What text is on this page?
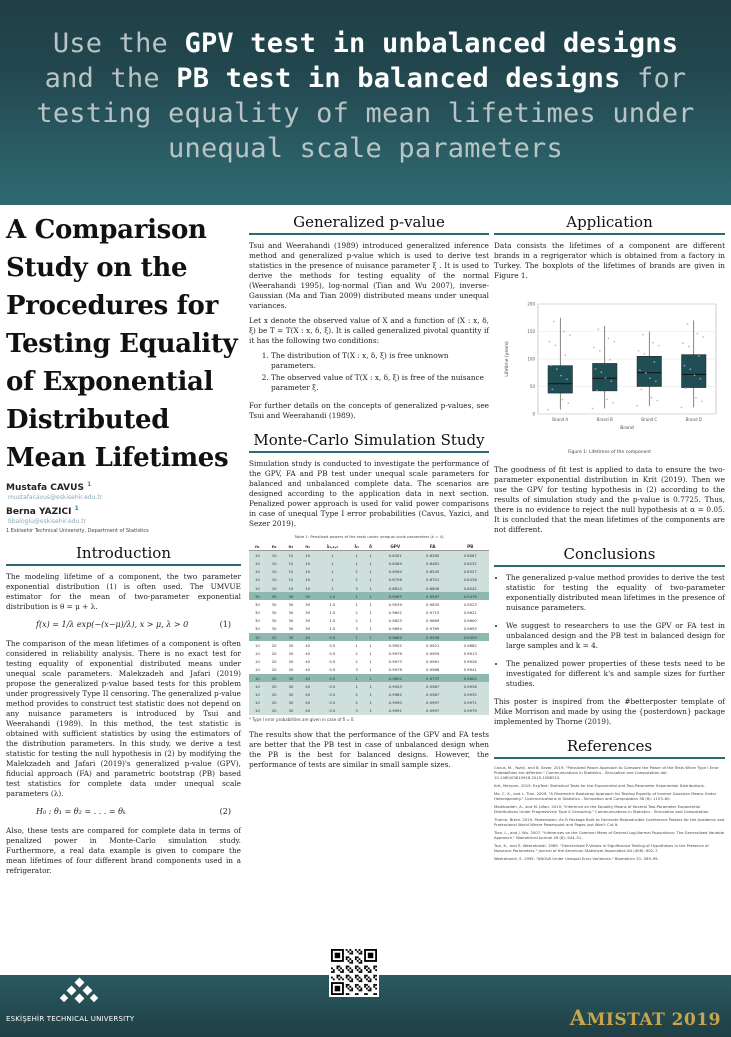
Use the GPV test in unbalanced designs
and the PB test in balanced designs for
testing equality of mean lifetimes under
unequal scale parameters
A Comparison Study on the Procedures for Testing Equality of Exponential Distributed Mean Lifetimes
Mustafa CAVUS $^1$
mustafacavus@eskisehir.edu.tr
Berna YAZICI $^1$
bbaloglu@eskisehir.edu.tr
1 Eskisehir Technical University, Department of Statistics
Introduction

The modeling lifetime of a component, the two parameter exponential distribution (1) is often used. The UMVUE estimator for the mean of two-parameter exponential distribution is θ = μ + λ.

f(x) = 1/λ exp(−(x−μ)/λ), x > μ, λ > 0	(1)

The comparison of the mean lifetimes of a component is often considered in reliability analysis. There is no exact test for testing equality of exponential distributed means under unequal scale parameters. Malekzadeh and Jafari (2019) propose the generalized p-value based tests for this problem under progressively Type II censoring. The generalized p-value method provides to construct test statistic does not depend on any nuisance parameters is introduced by Tsui and Weerahandi (1989). In this method, the test statistic is obtained with sufficient statistics by using the estimators of the distribution parameters. In this study, we derive a test statistic for testing the null hypothesis in (2) by modifying the Malekzadeh and Jafari (2019)'s generalized p-value (GPV), fiducial approach (FA) and parametric bootstrap (PB) based test statistics for complete data under unequal scale parameters (λ).

H₀ : θ₁ = θ₂ = . . . = θₖ	(2)

Also, these tests are compared for complete data in terms of penalized power in Monte-Carlo simulation study. Furthermore, a real data example is given to compare the mean lifetimes of four different brand components used in a refrigerator.

Generalized p-value

Tsui and Weerahandi (1989) introduced generalized inference method and generalized p-value which is used to derive test statistics in the presence of nuisance parameter ξ . It is used to derive the methods for testing equality of the normal (Weerahandi 1995), log-normal (Tian and Wu 2007), inverse-Gaussian (Ma and Tian 2009) distributed means under unequal variances.

Let x denote the observed value of X and a function of (X : x, δ, ξ) be T = T(X : x, δ, ξ). It is called generalized pivotal quantity if it has the following two conditions:

1. The distribution of T(X : x, δ, ξ) is free unknown parameters.
2. The observed value of T(X : x, δ, ξ) is free of the nuisance parameter ξ.

For further details on the concepts of generalized p-values, see Tsui and Weerahandi (1989).

Monte-Carlo Simulation Study

Simulation study is conducted to investigate the performance of the GPV, FA and PB test under unequal scale parameters for balanced and unbalanced complete data. The scenarios are designed according to the application data in next section. Penalized power approach is used for valid power comparisons in case of unequal Type I error probabilities (Cavus, Yazici, and Sezer 2019).

Table 1: Penalized powers of the tests under unequal scale parameters (k = 4)
n₁	n₂	n₃	n₄	λ₁,₂,₃	λ₄	δ	GPV	FA	PB
10	10	10	10	1	1	1	0.6301	0.6280	0.6067
10	10	10	10	1	1	1	0.6489	0.6481	0.6232
10	10	10	10	1	2	1	0.6564	0.6545	0.6327
10	10	10	10	1	2	1	0.6706	0.6701	0.6436
10	10	10	10	1	3	1	0.6810	0.6806	0.6542
30	30	30	30	1.5	1	1	0.9567	0.9597	0.9479
30	30	30	30	1.5	1	1	0.9539	0.9635	0.9523
30	30	30	30	1.5	2	1	0.9602	0.9715	0.9621
30	30	30	30	1.5	2	1	0.9625	0.9669	0.9600
30	30	30	30	1.5	3	1	0.9694	0.9769	0.9655
10	20	30	40	0.5	1	1	0.9664	0.9558	0.9459
10	20	30	40	0.5	1	1	0.9902	0.9921	0.9882
10	20	30	40	0.5	2	1	0.9976	0.9959	0.9913
10	20	30	40	0.5	2	1	0.9973	0.9981	0.9926
10	20	30	40	0.5	3	1	0.9978	0.9988	0.9941
10	20	30	40	0.5	1	1	0.9802	0.9737	0.9602
10	20	30	40	0.5	1	1	0.9943	0.9987	0.9936
10	20	30	40	0.5	2	1	0.9982	0.9987	0.9935
10	20	30	40	0.5	2	1	0.9990	0.9997	0.9971
10	20	30	40	0.5	3	1	0.9991	0.9997	0.9979
* Type I error probabilities are given in case of δ = 0.

The results show that the performance of the GPV and FA tests are better that the PB test in case of unbalanced design when the PB is the best for balanced designs. However, the performance of tests are similar in small sample sizes.

Application

Data consists the lifetimes of a component are different brands in a regrigerator which is obtained from a factory in Turkey. The boxplots of the lifetimes of brands are given in Figure 1.

0
50
100
150
200
Lifetime (years)
Brand A	Brand B	Brand C	Brand D
Brand
Figure 1: Lifetimes of the component

The goodness of fit test is applied to data to ensure the two-parameter exponential distribution in Krit (2019). Then we use the GPV for testing hypothesis in (2) according to the results of simulation study and the p-value is 0.7725. Thus, there is no evidence to reject the null hypothesis at α = 0.05. It is concluded that the mean lifetimes of the components are not different.

Conclusions
• The generalized p-value method provides to derive the test statistic for testing the equality of two-parameter exponentially distributed mean lifetimes in the presence of nuisance parameters.
• We suggest to researchers to use the GPV or FA test in unbalanced design and the PB test in balanced design for large samples and k = 4.
• The penalized power properties of these tests need to be investigated for different k's and sample sizes for further studies.

This poster is inspired from the #betterposter template of Mike Morrison and made by using the {posterdown} package implemented by Thorne (2019).

References
Cavus, M., Yazici, and B. Sezer. 2019. "Penalized Power Approach to Compare the Power of the Tests When Type I Error Probabilities are different." Communications in Statistics - Simulation and Computation doi: 10.1080/03610918.2019.1588310.
Krit, Meryam. 2019. ExpTest: Statistical Tests for the Exponential and Two-Parameter Exponential Distributions.
Ma, C. X., and L. Tian. 2009. "A Parametric Bootstrap Approach for Testing Equality of Inverse Gaussian Means Under Heterogeneity." Communications in Statistics - Simulation and Computation 38 (6): 1153–60.
Malekzadeh, A., and M. Jafari. 2019. "Inference on the Equality Means of Several Two-Parameter Exponential Distributions Under Progressively Type II Censoring." Communications in Statistics - Simulation and Computation.
Thorne, Brent. 2019. Posterdown: An R Package Built to Generate Reproducible Conference Posters for the Academic and Professional World Where Powerpoint and Pages Just Won't Cut It.
Tian, L., and J. Wu. 2007. "Inferences on the Common Mean of Several Log-Normal Populations: The Generalized Variable Approach." Biometrical Journal 49 (6): 944–51.
Tsui, K., and S. Weerahandi. 1989. "Generalized P-Values in Significance Testing of Hypotheses in the Presence of Nuisance Parameters." Journal of the American Statistical Association 84 (406): 602–7.
Weerahandi, S. 1995. "ANOVA Under Unequal Error Variances." Biometrics 51: 589–99.
ESKİŞEHİR TECHNICAL UNIVERSITY	AMISTAT 2019
